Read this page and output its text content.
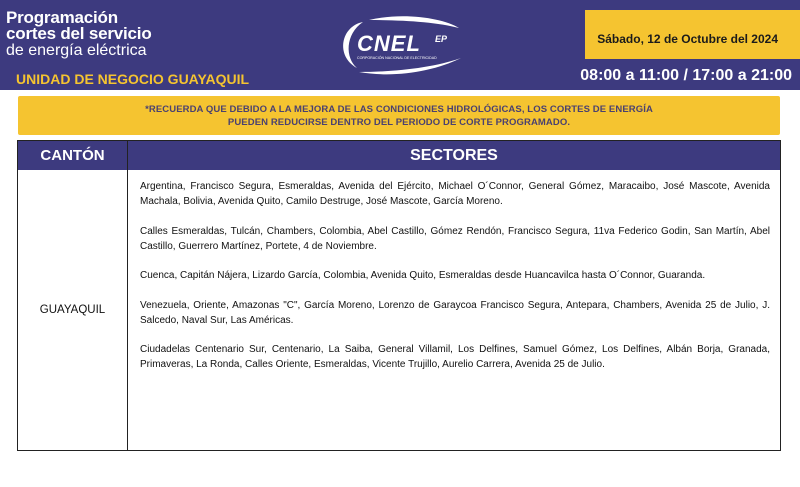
Programación
cortes del servicio
de energía eléctrica
UNIDAD DE NEGOCIO GUAYAQUIL
CNEL EP
CORPORACIÓN NACIONAL DE ELECTRICIDAD
Sábado, 12 de Octubre del 2024
08:00 a 11:00 / 17:00 a 21:00
*RECUERDA QUE DEBIDO A LA MEJORA DE LAS CONDICIONES HIDROLÓGICAS, LOS CORTES DE ENERGÍA
PUEDEN REDUCIRSE DENTRO DEL PERIODO DE CORTE PROGRAMADO.
CANTÓN	SECTORES
GUAYAQUIL

Argentina, Francisco Segura, Esmeraldas, Avenida del Ejército, Michael O´Connor, General Gómez, Maracaibo, José Mascote, Avenida Machala, Bolivia, Avenida Quito, Camilo Destruge, José Mascote, García Moreno.

Calles Esmeraldas, Tulcán, Chambers, Colombia, Abel Castillo, Gómez Rendón, Francisco Segura, 11va Federico Godin, San Martín, Abel Castillo, Guerrero Martínez, Portete, 4 de Noviembre.

Cuenca, Capitán Nájera, Lizardo García, Colombia, Avenida Quito, Esmeraldas desde Huancavilca hasta O´Connor, Guaranda.

Venezuela, Oriente, Amazonas "C", García Moreno, Lorenzo de Garaycoa Francisco Segura, Antepara, Chambers, Avenida 25 de Julio, J. Salcedo, Naval Sur, Las Américas.

Ciudadelas Centenario Sur, Centenario, La Saiba, General Villamil, Los Delfines, Samuel Gómez, Los Delfines, Albán Borja, Granada, Primaveras, La Ronda, Calles Oriente, Esmeraldas, Vicente Trujillo, Aurelio Carrera, Avenida 25 de Julio.
